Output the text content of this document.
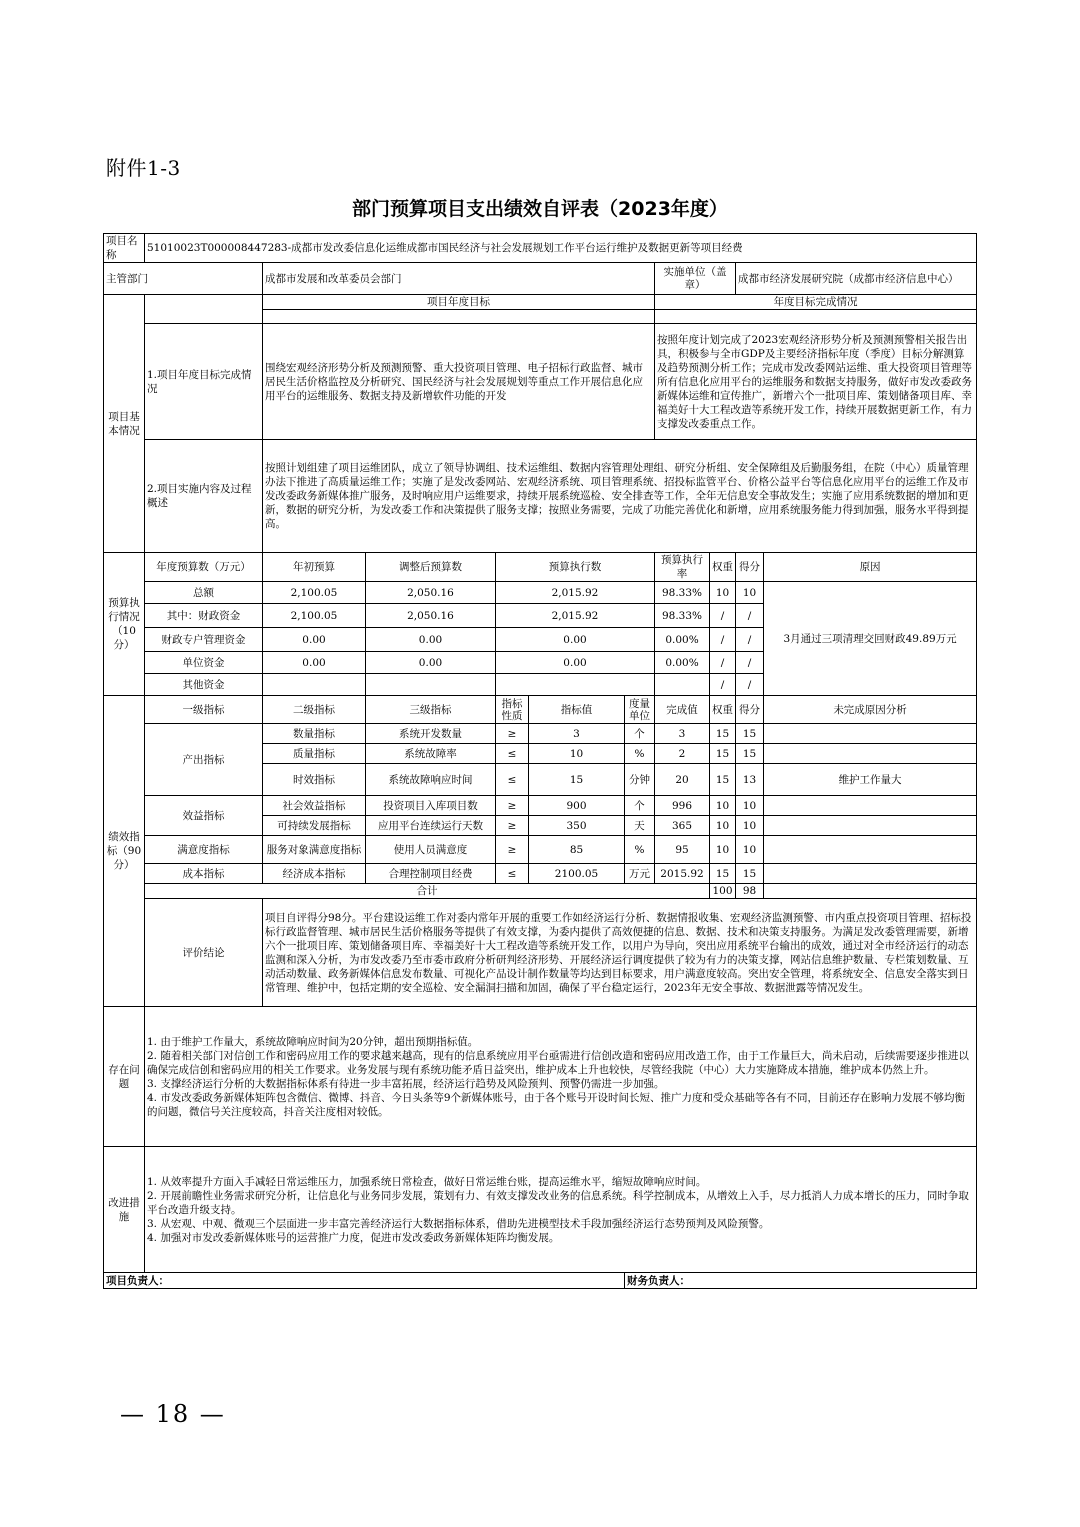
附件1-3
部门预算项目支出绩效自评表（2023年度）
项目名称	51010023T000008447283-成都市发改委信息化运维成都市国民经济与社会发展规划工作平台运行维护及数据更新等项目经费									
主管部门		成都市发展和改革委员会部门					实施单位（盖章）		成都市经济发展研究院（成都市经济信息中心）	
项目基本情况		项目年度目标					年度目标完成情况			

	1.项目年度目标完成情况	围绕宏观经济形势分析及预测预警、重大投资项目管理、电子招标行政监督、城市居民生活价格监控及分析研究、国民经济与社会发展规划等重点工作开展信息化应用平台的运维服务、数据支持及新增软件功能的开发					按照年度计划完成了2023宏观经济形势分析及预测预警相关报告出具，积极参与全市GDP及主要经济指标年度（季度）目标分解测算及趋势预测分析工作；完成市发改委网站运维、重大投资项目管理等所有信息化应用平台的运维服务和数据支持服务，做好市发改委政务新媒体运维和宣传推广，新增六个一批项目库、策划储备项目库、幸福美好十大工程改造等系统开发工作，持续开展数据更新工作，有力支撑发改委重点工作。			
	2.项目实施内容及过程概述	按照计划组建了项目运维团队，成立了领导协调组、技术运维组、数据内容管理处理组、研究分析组、安全保障组及后勤服务组，在院（中心）质量管理办法下推进了高质量运维工作；实施了是发改委网站、宏观经济系统、项目管理系统、招投标监管平台、价格公益平台等信息化应用平台的运维工作及市发改委政务新媒体推广服务，及时响应用户运维要求，持续开展系统巡检、安全排查等工作，全年无信息安全事故发生；实施了应用系统数据的增加和更新，数据的研究分析，为发改委工作和决策提供了服务支撑；按照业务需要，完成了功能完善优化和新增，应用系统服务能力得到加强，服务水平得到提高。								
预算执行情况（10分）	年度预算数（万元）	年初预算	调整后预算数	预算执行数			预算执行率	权重	得分	原因
	总额	2,100.05	2,050.16	2,015.92			98.33%	10	10	3月通过三项清理交回财政49.89万元
	其中：财政资金	2,100.05	2,050.16	2,015.92			98.33%	/	/	
	财政专户管理资金	0.00	0.00	0.00			0.00%	/	/	
	单位资金	0.00	0.00	0.00			0.00%	/	/	
	其他资金							/	/	
绩效指标（90分）	一级指标	二级指标	三级指标	指标性质	指标值	度量单位	完成值	权重	得分	未完成原因分析
	产出指标	数量指标	系统开发数量	≥	3	个	3	15	15	
		质量指标	系统故障率	≤	10	%	2	15	15	
		时效指标	系统故障响应时间	≤	15	分钟	20	15	13	维护工作量大
	效益指标	社会效益指标	投资项目入库项目数	≥	900	个	996	10	10	
		可持续发展指标	应用平台连续运行天数	≥	350	天	365	10	10	
	满意度指标	服务对象满意度指标	使用人员满意度	≥	85	%	95	10	10	
	成本指标	经济成本指标	合理控制项目经费	≤	2100.05	万元	2015.92	15	15	
	合计							100	98	
	评价结论	项目自评得分98分。平台建设运维工作对委内常年开展的重要工作如经济运行分析、数据情报收集、宏观经济监测预警、市内重点投资项目管理、招标投标行政监督管理、城市居民生活价格服务等提供了有效支撑，为委内提供了高效便捷的信息、数据、技术和决策支持服务。为满足发改委管理需要，新增六个一批项目库、策划储备项目库、幸福美好十大工程改造等系统开发工作，以用户为导向，突出应用系统平台输出的成效，通过对全市经济运行的动态监测和深入分析，为市发改委乃至市委市政府分析研判经济形势、开展经济运行调度提供了较为有力的决策支撑，网站信息维护数量、专栏策划数量、互动活动数量、政务新媒体信息发布数量、可视化产品设计制作数量等均达到目标要求，用户满意度较高。突出安全管理，将系统安全、信息安全落实到日常管理、维护中，包括定期的安全巡检、安全漏洞扫描和加固，确保了平台稳定运行，2023年无安全事故、数据泄露等情况发生。								
存在问题	1. 由于维护工作量大，系统故障响应时间为20分钟，超出预期指标值。
2. 随着相关部门对信创工作和密码应用工作的要求越来越高，现有的信息系统应用平台亟需进行信创改造和密码应用改造工作，由于工作量巨大，尚未启动，后续需要逐步推进以确保完成信创和密码应用的相关工作要求。业务发展与现有系统功能矛盾日益突出，维护成本上升也较快，尽管经我院（中心）大力实施降成本措施，维护成本仍然上升。
3. 支撑经济运行分析的大数据指标体系有待进一步丰富拓展，经济运行趋势及风险预判、预警仍需进一步加强。
4. 市发改委政务新媒体矩阵包含微信、微博、抖音、今日头条等9个新媒体账号，由于各个账号开设时间长短、推广力度和受众基础等各有不同，目前还存在影响力发展不够均衡的问题，微信号关注度较高，抖音关注度相对较低。									

改进措施	1. 从效率提升方面入手减轻日常运维压力，加强系统日常检查，做好日常运维台账，提高运维水平，缩短故障响应时间。
2. 开展前瞻性业务需求研究分析，让信息化与业务同步发展，策划有力、有效支撑发改业务的信息系统。科学控制成本，从增效上入手，尽力抵消人力成本增长的压力，同时争取平台改造升级支持。
3. 从宏观、中观、微观三个层面进一步丰富完善经济运行大数据指标体系，借助先进模型技术手段加强经济运行态势预判及风险预警。
4. 加强对市发改委新媒体账号的运营推广力度，促进市发改委政务新媒体矩阵均衡发展。									

项目负责人：						财务负责人：				
— 18 —
